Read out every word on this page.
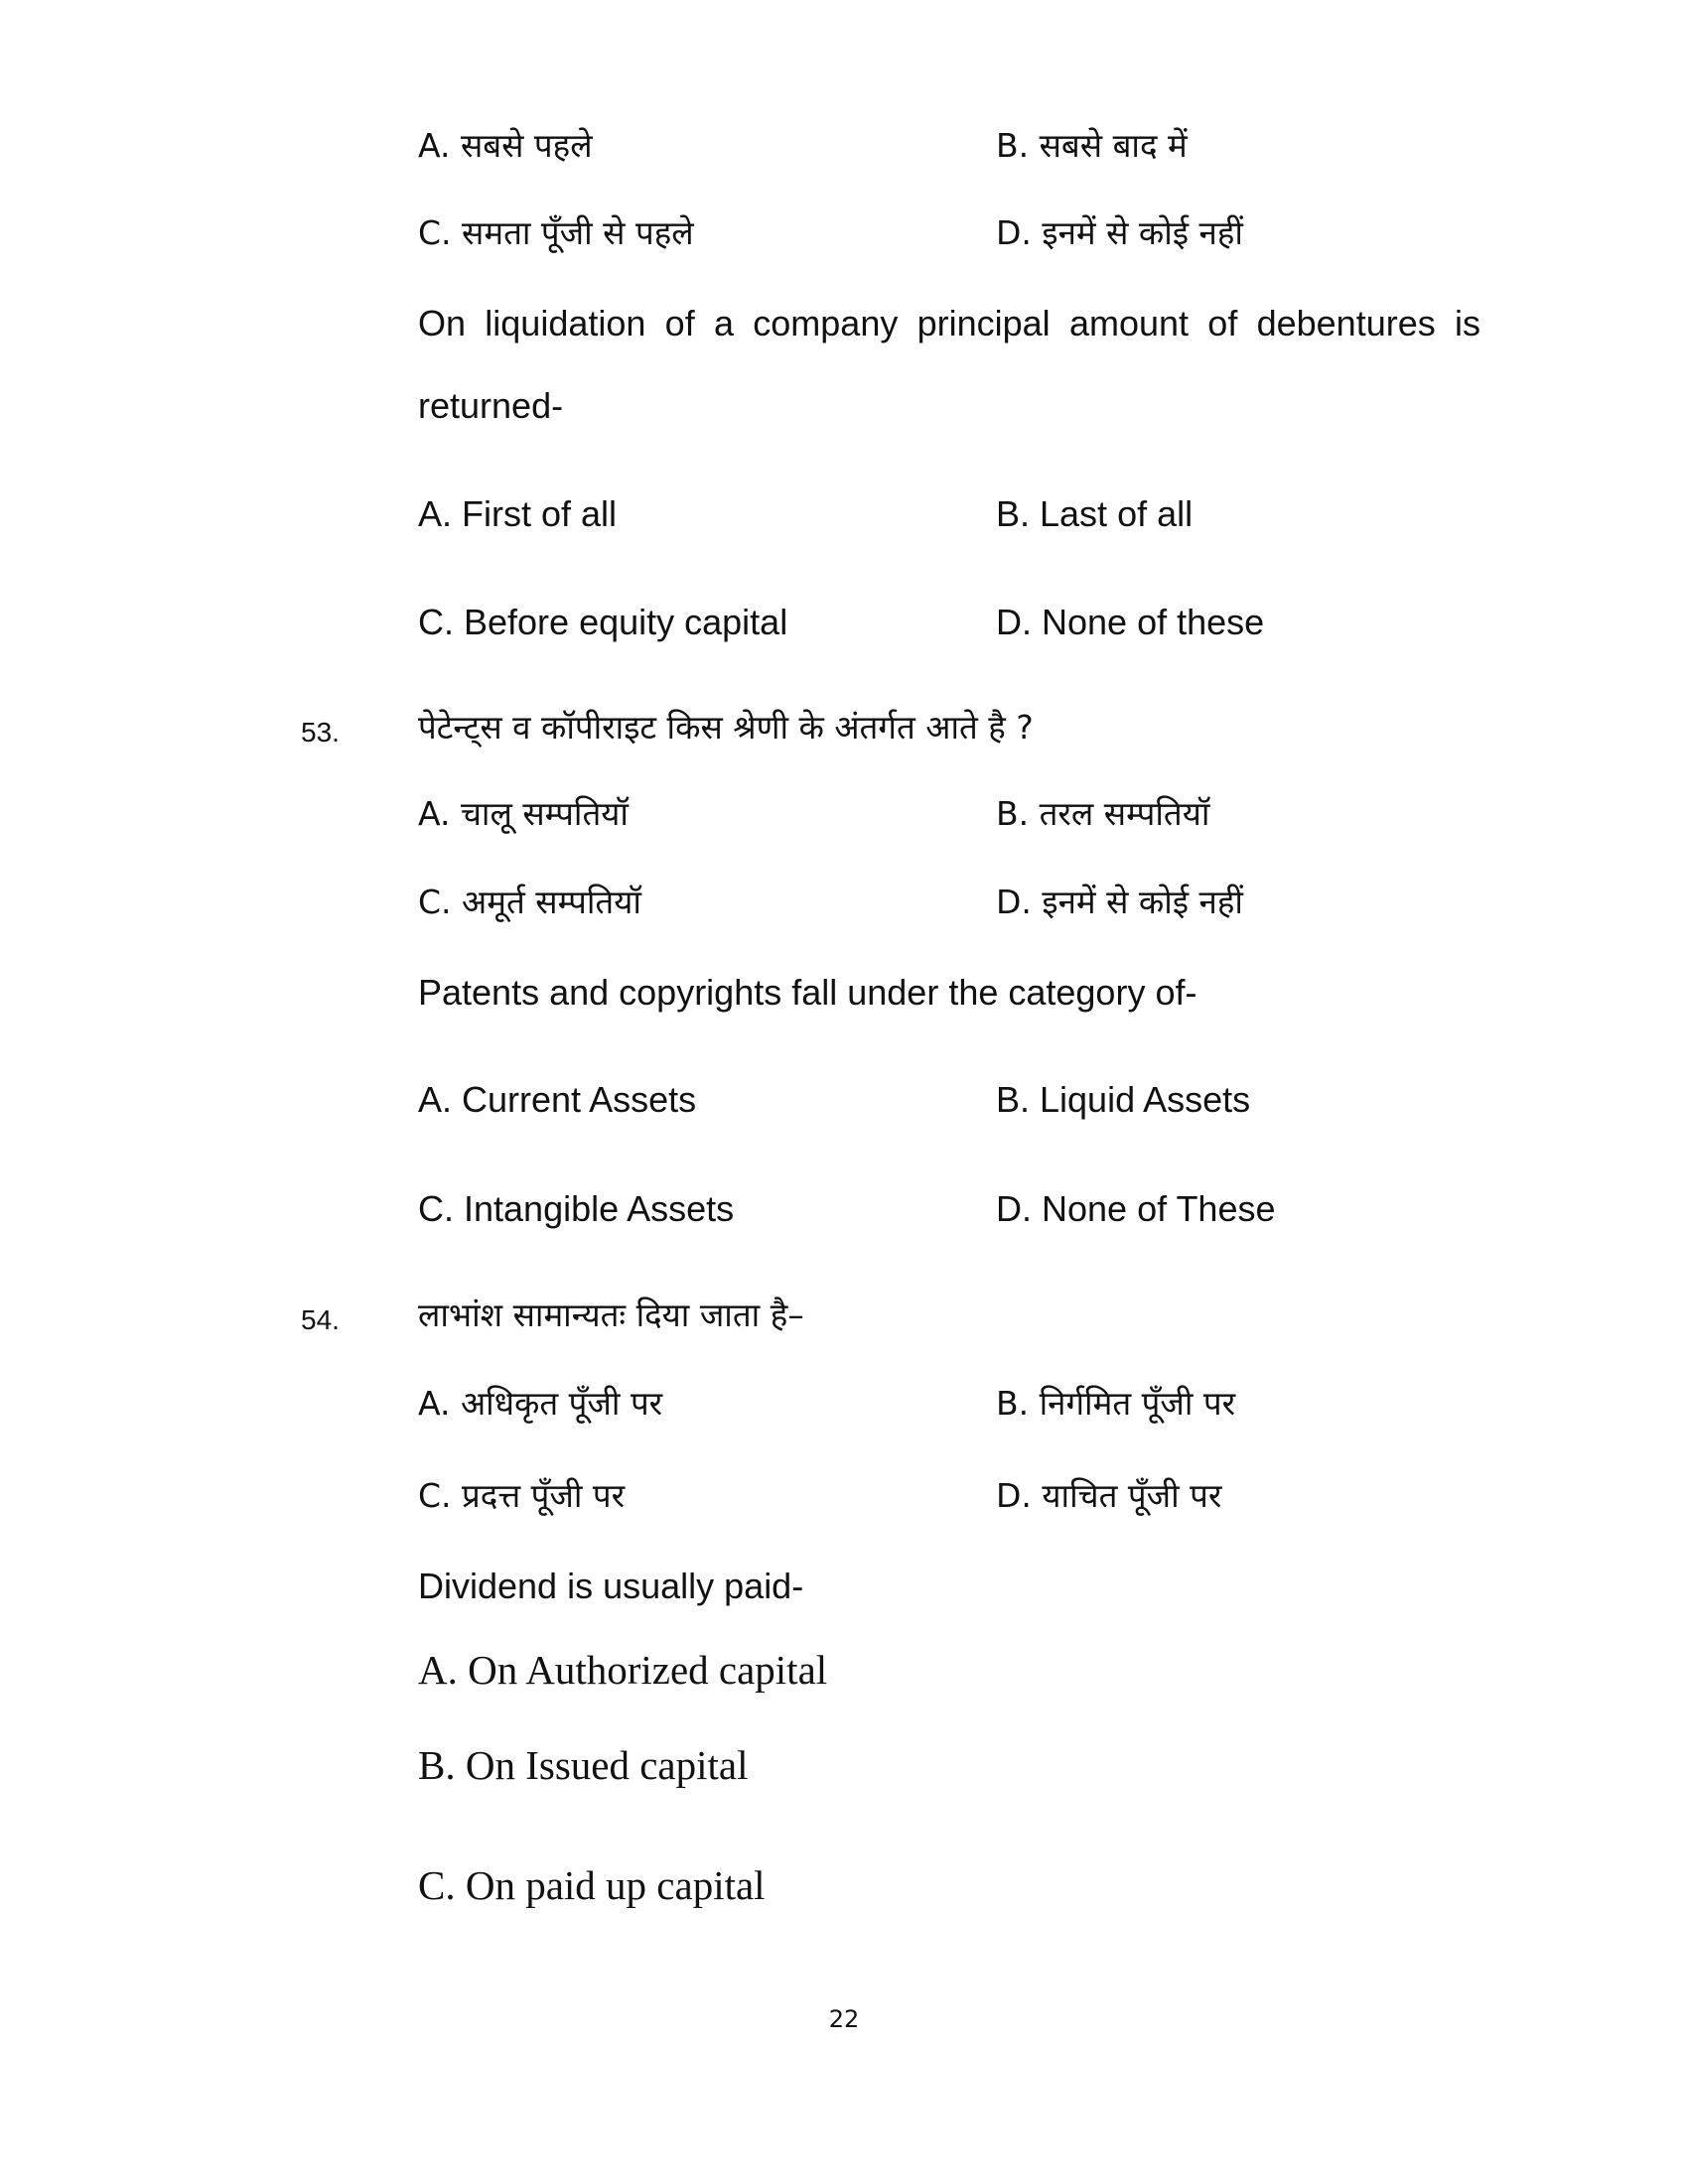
A. सबसे पहले	B. सबसे बाद में
C. समता पूँजी से पहले	D. इनमें से कोई नहीं
On liquidation of a company principal amount of debentures is
returned-
A. First of all	B. Last of all
C. Before equity capital	D. None of these
53. पेटेन्ट्स व कॉपीराइट किस श्रेणी के अंतर्गत आते है ?
A. चालू सम्पतियॉ	B. तरल सम्पतियॉ
C. अमूर्त सम्पतियॉ	D. इनमें से कोई नहीं
Patents and copyrights fall under the category of-
A. Current Assets	B. Liquid Assets
C. Intangible Assets	D. None of These
54. लाभांश सामान्यतः दिया जाता है–
A. अधिकृत पूँजी पर	B. निर्गमित पूँजी पर
C. प्रदत्त पूँजी पर	D. याचित पूँजी पर
Dividend is usually paid-
A. On Authorized capital
B. On Issued capital
C. On paid up capital
22
